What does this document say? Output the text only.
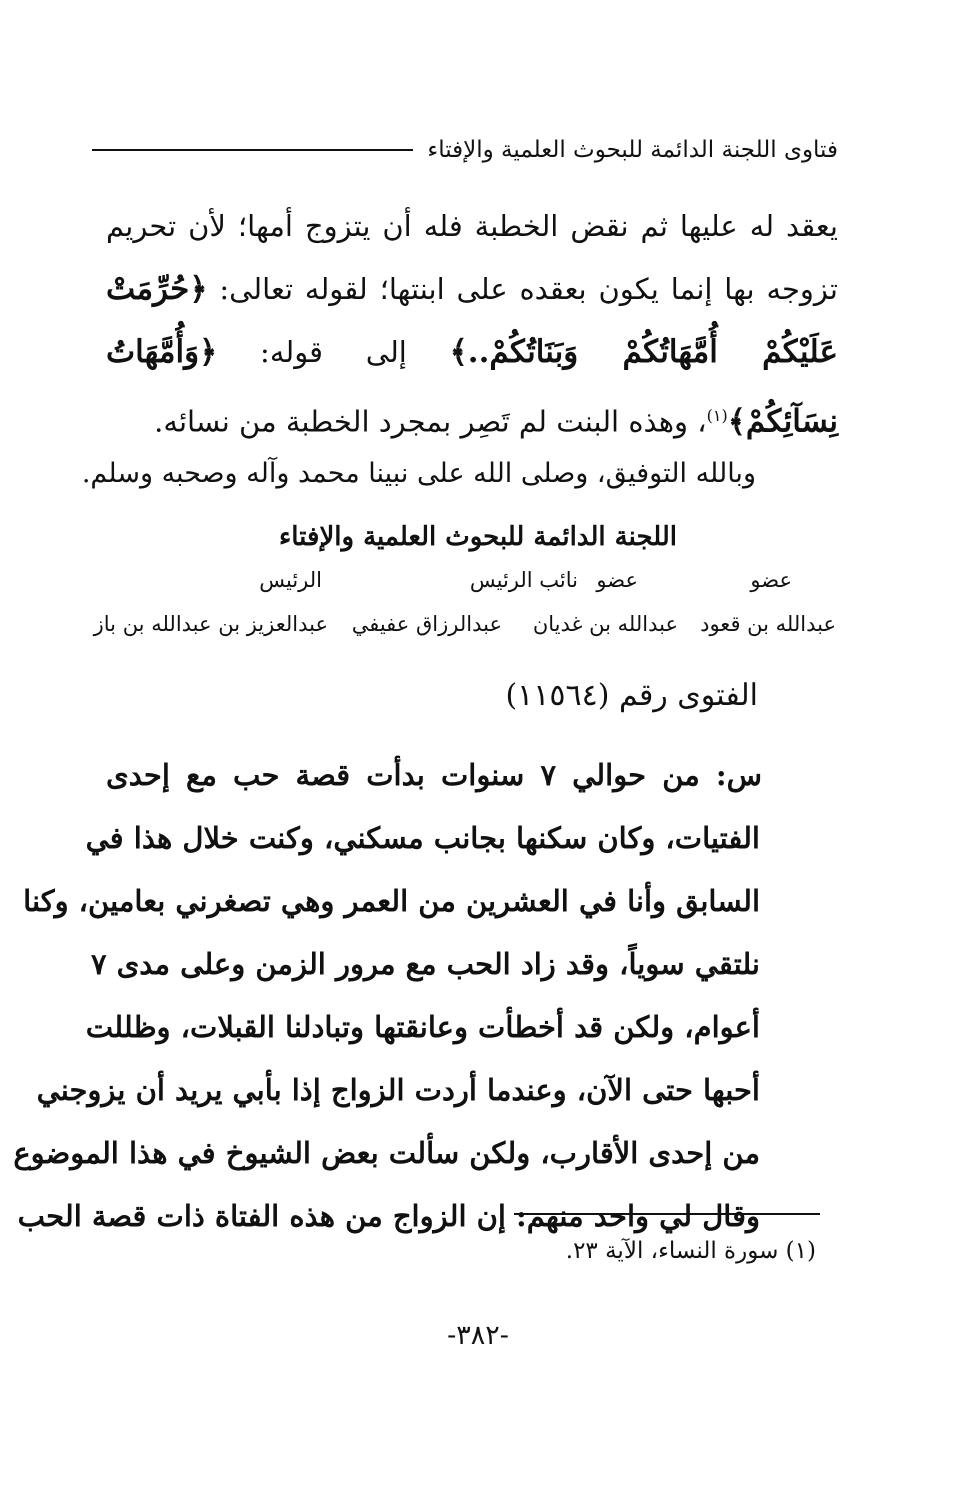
فتاوى اللجنة الدائمة للبحوث العلمية والإفتاء
يعقد له عليها ثم نقض الخطبة فله أن يتزوج أمها؛ لأن تحريم
تزوجه بها إنما يكون بعقده على ابنتها؛ لقوله تعالى: ﴿حُرِّمَتْ
عَلَيْكُمْ أُمَّهَاتُكُمْ وَبَنَاتُكُمْ..﴾ إلى قوله: ﴿وَأُمَّهَاتُ
نِسَآئِكُمْ﴾$^{(١)}$، وهذه البنت لم تَصِر بمجرد الخطبة من نسائه.
وبالله التوفيق، وصلى الله على نبينا محمد وآله وصحبه وسلم.
اللجنة الدائمة للبحوث العلمية والإفتاء
عضو
عضو
نائب الرئيس
الرئيس
عبدالله بن قعود
عبدالله بن غديان
عبدالرزاق عفيفي
عبدالعزيز بن عبدالله بن باز
الفتوى رقم (١١٥٦٤)
س: من حوالي ٧ سنوات بدأت قصة حب مع إحدى
الفتيات، وكان سكنها بجانب مسكني، وكنت خلال هذا في
السابق وأنا في العشرين من العمر وهي تصغرني بعامين، وكنا
نلتقي سوياً، وقد زاد الحب مع مرور الزمن وعلى مدى ٧
أعوام، ولكن قد أخطأت وعانقتها وتبادلنا القبلات، وظللت
أحبها حتى الآن، وعندما أردت الزواج إذا بأبي يريد أن يزوجني
من إحدى الأقارب، ولكن سألت بعض الشيوخ في هذا الموضوع
وقال لي واحد منهم: إن الزواج من هذه الفتاة ذات قصة الحب
(١) سورة النساء، الآية ٢٣.
-٣٨٢-
